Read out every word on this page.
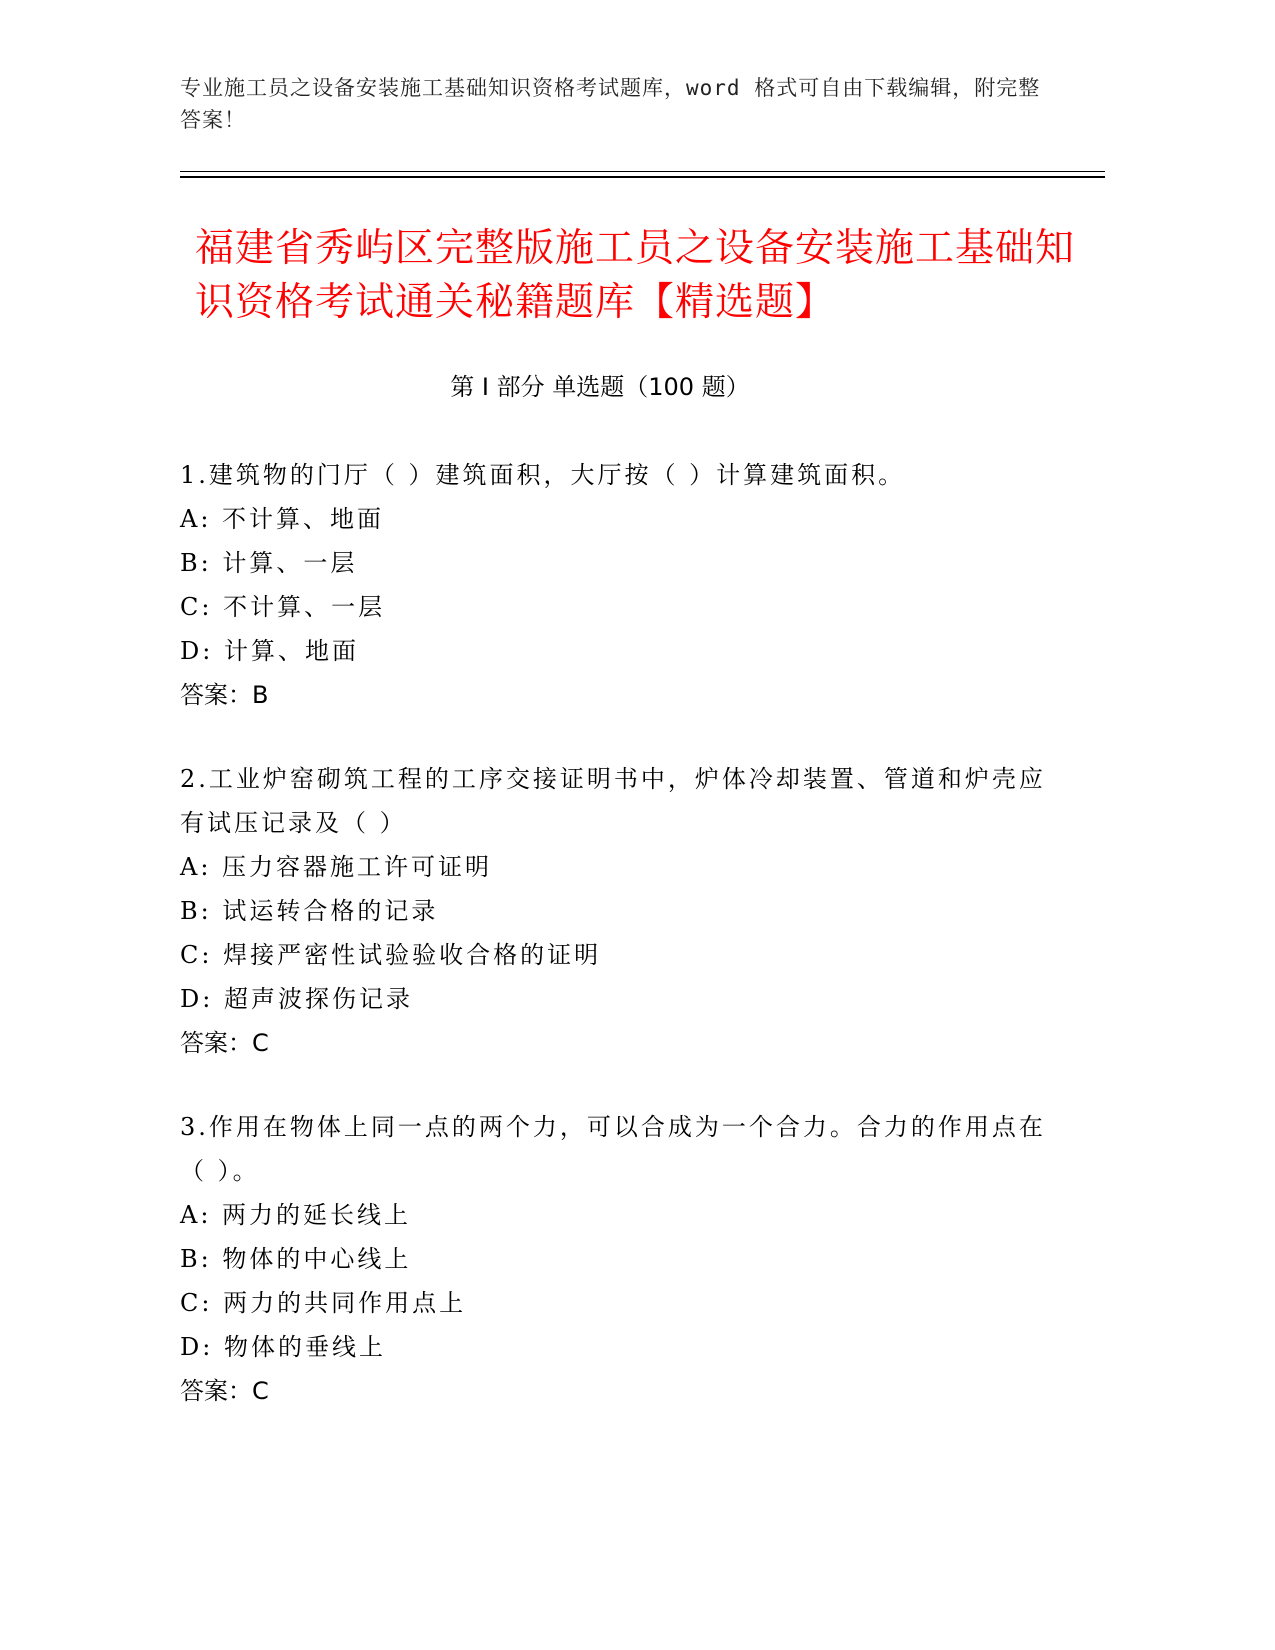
专业施工员之设备安装施工基础知识资格考试题库，word 格式可自由下载编辑，附完整答案！
福建省秀屿区完整版施工员之设备安装施工基础知识资格考试通关秘籍题库【精选题】
第 I 部分 单选题（100 题）

1.建筑物的门厅（ ）建筑面积，大厅按（ ）计算建筑面积。

A: 不计算、地面

B: 计算、一层

C: 不计算、一层

D: 计算、地面

答案：B

2.工业炉窑砌筑工程的工序交接证明书中，炉体冷却装置、管道和炉壳应有试压记录及（ ）

A: 压力容器施工许可证明

B: 试运转合格的记录

C: 焊接严密性试验验收合格的证明

D: 超声波探伤记录

答案：C

3.作用在物体上同一点的两个力，可以合成为一个合力。合力的作用点在（ ）。

A: 两力的延长线上

B: 物体的中心线上

C: 两力的共同作用点上

D: 物体的垂线上

答案：C
